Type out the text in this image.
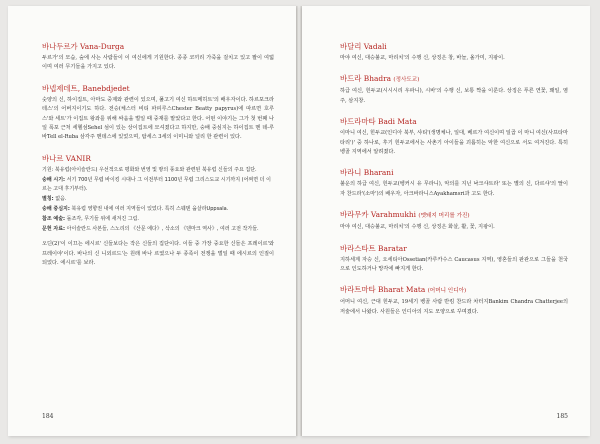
바나두르가 Vana-Durga
두르가'의 모습, 숲에 사는 사람들이 이 여신에게 기원한다. 종종 코끼리 가죽을 걸치고 있고 팔이 여덟이며 여러 무기들을 가지고 있다.
바넵제데트, Banebdjedet
숫양의 신, 하이집트, 아마도 중제와 관련이 있으며, 풀고기 여신 하트메히트'의 배우자이다. 하르포크라테스'의 어버지이기도 하다. 전승(체스터 비티 파피루스Chester Beatty papyrus)에 따르면 호루스'와 세트'가 이집트 왕좌를 위해 싸움을 벌일 때 중재를 맡았다고 한다. 어떤 이야기는 그가 첫 번째 나일 폭포 근처 세헬섬Sehel 섬이 있는 상이집트에 모셔졌다고 하지만, 숭배 중심지는 하이집트 멘 데-루바Tell el-Ruba 삼각주 멘데스에 있었으며, 탑세스 3세의 이미니와 널리 한 관련이 있다.
바나르 VANIR
기원: 북유럽(아이슬란드) 우선적으로 평화와 번영 및 땅의 풍요와 관련된 북유럽 신들의 주요 집단.
숭배 시기: 서기 700년 무렵 바이킹 시대나 그 이전부터 1100년 무렵 그리스도교 시기까지 (어쩌면 더 이르는 고대 후기부터).
별칭: 없음.
숭배 중심지: 북유럽 영향권 내에 여러 지역들이 있었다. 특히 스웨덴 웁살라Uppsala.
참조 예술: 돌조각, 무기들 위에 새겨진 그림.
문헌 자료: 아이슬란드 사본들, 스노리의 《산문 에다》, 삭소의 《덴마크 역사》, 여러 고전 작가들.
오딘(2)'이 이끄는 에시르' 신들보다는 작은 신들의 집단이다. 이들 중 가장 중요한 신들은 프레이르'와 프레이야'이다. 바나의 신 니외르드'는 원래 바나 르였으나 두 종족이 전쟁을 벌일 때 에시르의 인질이 되었다. 에시르'를 보라.
184
바달리 Vadali
마야 여신, 대승불교, 마리치'의 수행 신, 상징은 창, 바늘, 올가미, 지팡이.
바드라 Bhadra (정사도교)
하급 여신, 힌두교(시시시리 우파니), 시바'의 수행 신, 보통 짝을 이룬다. 상징은 푸른 연꽃, 꽤일, 염주, 삼지창.
바드라마타 Badi Mata
이마니 여신, 힌두교(인디아 북부, 샤티'(생명체나, 일대, 베르가 여신이며 일곱 이 마니 여신(사프타마타리')' 중 하나로, 후기 힌두교에서는 사촌기 아이들을 괴롭히는 악한 여신으로 서도 여겨진다. 특히 벵골 지역에서 알려졌다.
바라니 Bharani
불운의 하급 여신, 힌두교(벵커시 유 무라니), 악의를 지닌 낙크샤트라' 또는 별의 신, 다르샤'의 딸이자 찬드라'(소마')의 배우자, 아크바라니스Ayakhamsri과 고도 한다.
바라무카 Varahmukhi (멧돼지 머리를 가진)
마야 여신, 대승불교, 마리치'의 수행 신, 상징은 화살, 활, 꽃, 지팡이.
바라스타트 Baratar
지하세계 자승 신, 오세티아Ossetian(카루카수스 Caucasus 지역), 영혼들의 판관으로 그들을 천국으로 인도하거나 망각에 빠지게 한다.
바라트마타 Bharat Mata (어머니 인디아)
어머니 여신, 근대 힌두교, 19세기 벵골 사람 반킴 찬드라 차터지Bankim Chandra Chatterjee의 저술에서 나왔다. 사원들은 인디아의 지도 모양으로 꾸며졌다.
185
